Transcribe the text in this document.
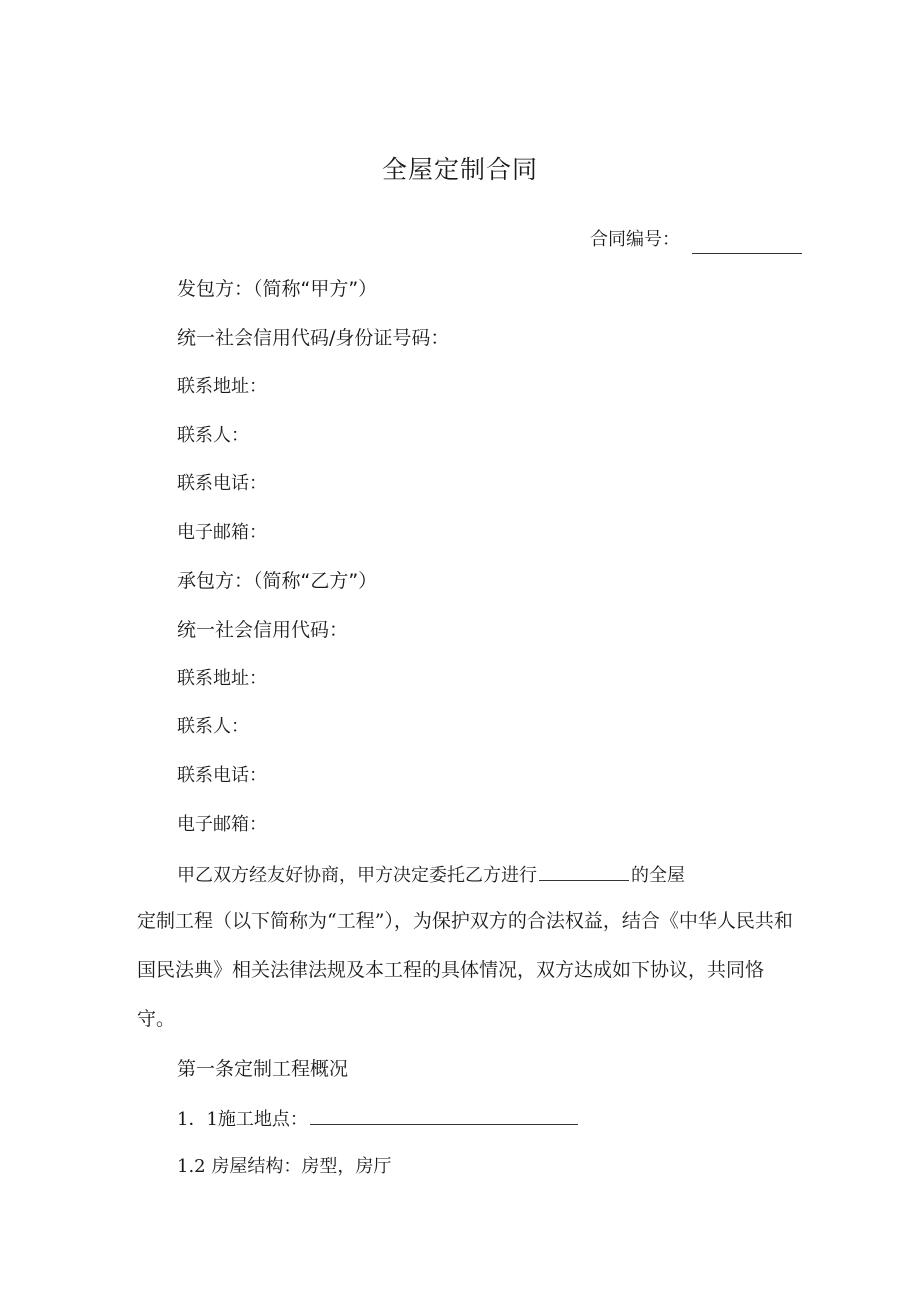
全屋定制合同
合同编号：
发包方：（简称“甲方”）
统一社会信用代码/身份证号码：
联系地址：
联系人：
联系电话：
电子邮箱：
承包方：（简称“乙方”）
统一社会信用代码：
联系地址：
联系人：
联系电话：
电子邮箱：
甲乙双方经友好协商，甲方决定委托乙方进行	的全屋

定制工程（以下简称为“工程”），为保护双方的合法权益，结合《中华人民共和国民法典》相关法律法规及本工程的具体情况，双方达成如下协议，共同恪守。

第一条定制工程概况
1．1施工地点：
1.2 房屋结构：房型，房厅
